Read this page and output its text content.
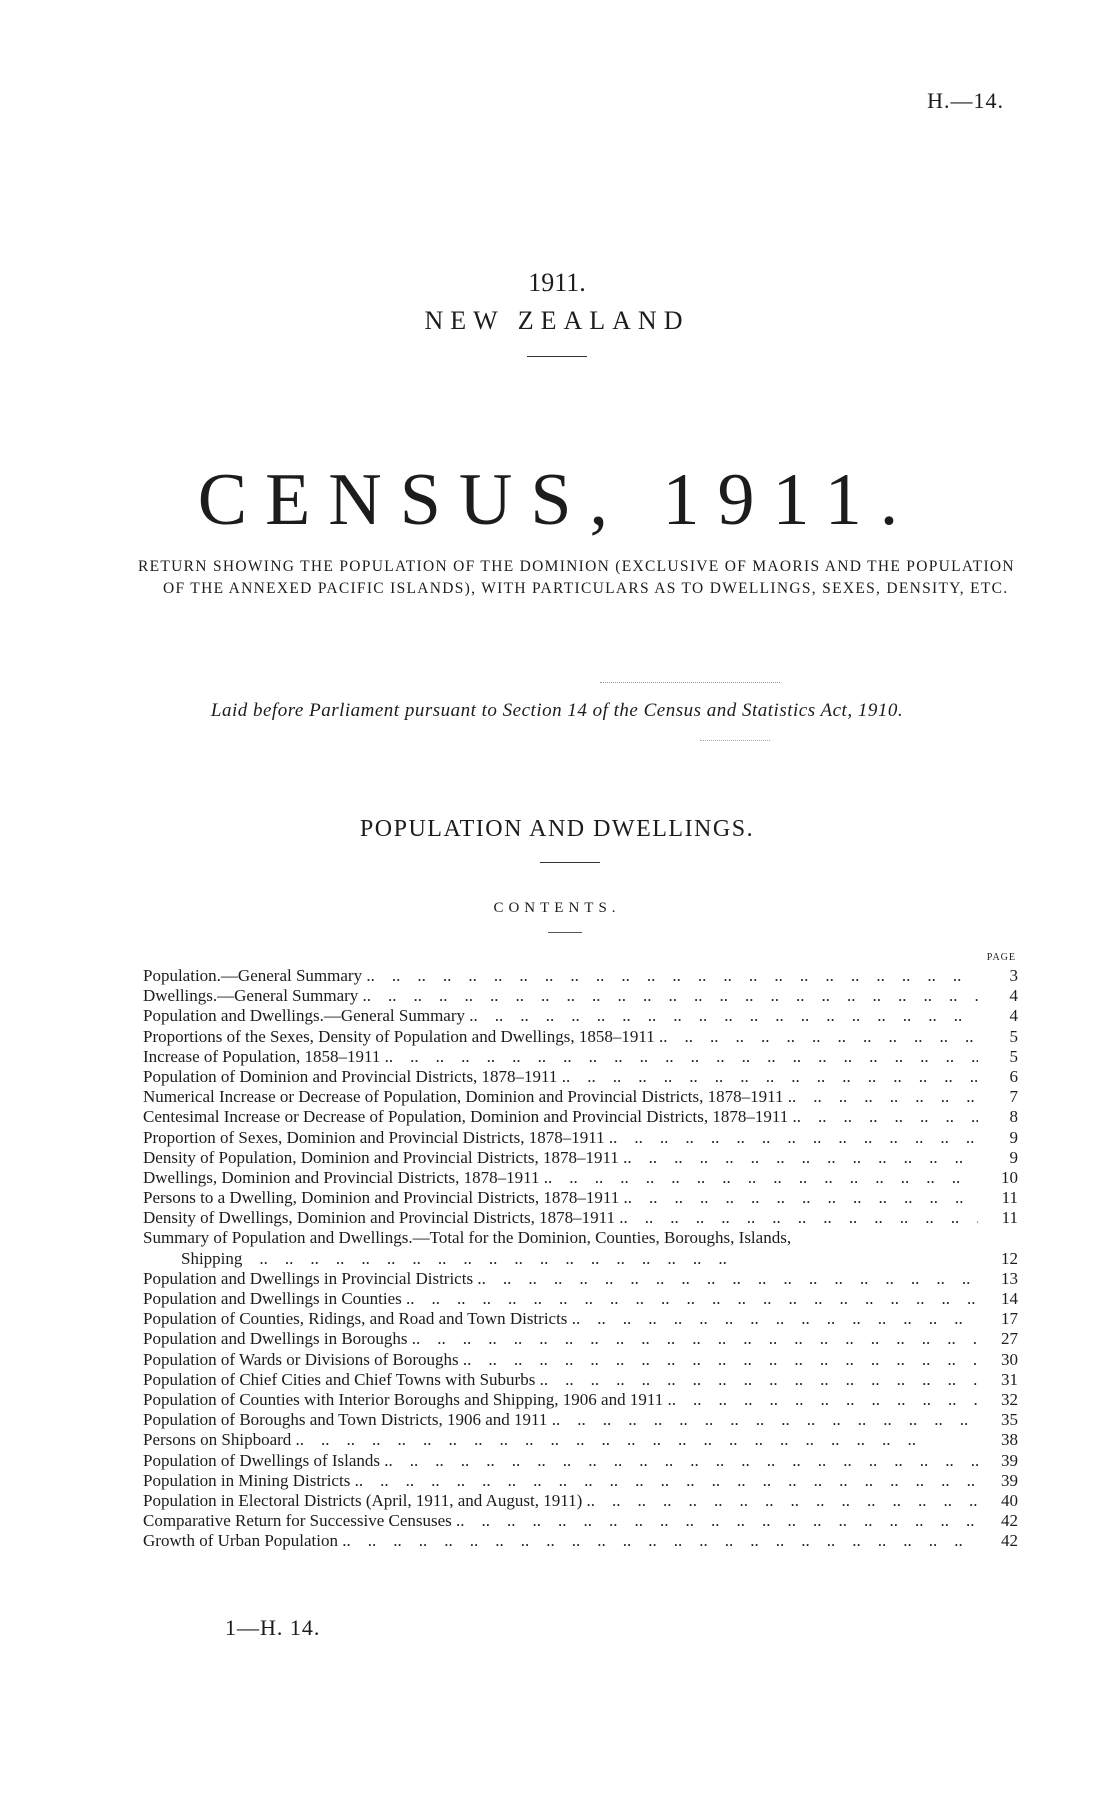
H.—14.
1911.
NEW ZEALAND
CENSUS, 1911.
RETURN SHOWING THE POPULATION OF THE DOMINION (EXCLUSIVE OF MAORIS AND THE POPULATION OF THE ANNEXED PACIFIC ISLANDS), WITH PARTICULARS AS TO DWELLINGS, SEXES, DENSITY, ETC.
Laid before Parliament pursuant to Section 14 of the Census and Statistics Act, 1910.
POPULATION AND DWELLINGS.
CONTENTS.
PAGE
Population.—General Summary ..	3
Dwellings.—General Summary ..	4
Population and Dwellings.—General Summary ..	4
Proportions of the Sexes, Density of Population and Dwellings, 1858–1911 ..	5
Increase of Population, 1858–1911 ..	5
Population of Dominion and Provincial Districts, 1878–1911 ..	6
Numerical Increase or Decrease of Population, Dominion and Provincial Districts, 1878–1911 ..	7
Centesimal Increase or Decrease of Population, Dominion and Provincial Districts, 1878–1911 ..	8
Proportion of Sexes, Dominion and Provincial Districts, 1878–1911 ..	9
Density of Population, Dominion and Provincial Districts, 1878–1911 ..	9
Dwellings, Dominion and Provincial Districts, 1878–1911 ..	10
Persons to a Dwelling, Dominion and Provincial Districts, 1878–1911 ..	11
Density of Dwellings, Dominion and Provincial Districts, 1878–1911 ..	11
Summary of Population and Dwellings.—Total for the Dominion, Counties, Boroughs, Islands,
Shipping ..	12
Population and Dwellings in Provincial Districts ..	13
Population and Dwellings in Counties ..	14
Population of Counties, Ridings, and Road and Town Districts ..	17
Population and Dwellings in Boroughs ..	27
Population of Wards or Divisions of Boroughs ..	30
Population of Chief Cities and Chief Towns with Suburbs ..	31
Population of Counties with Interior Boroughs and Shipping, 1906 and 1911 ..	32
Population of Boroughs and Town Districts, 1906 and 1911 ..	35
Persons on Shipboard ..	38
Population of Dwellings of Islands ..	39
Population in Mining Districts ..	39
Population in Electoral Districts (April, 1911, and August, 1911) ..	40
Comparative Return for Successive Censuses ..	42
Growth of Urban Population ..	42
1—H. 14.
